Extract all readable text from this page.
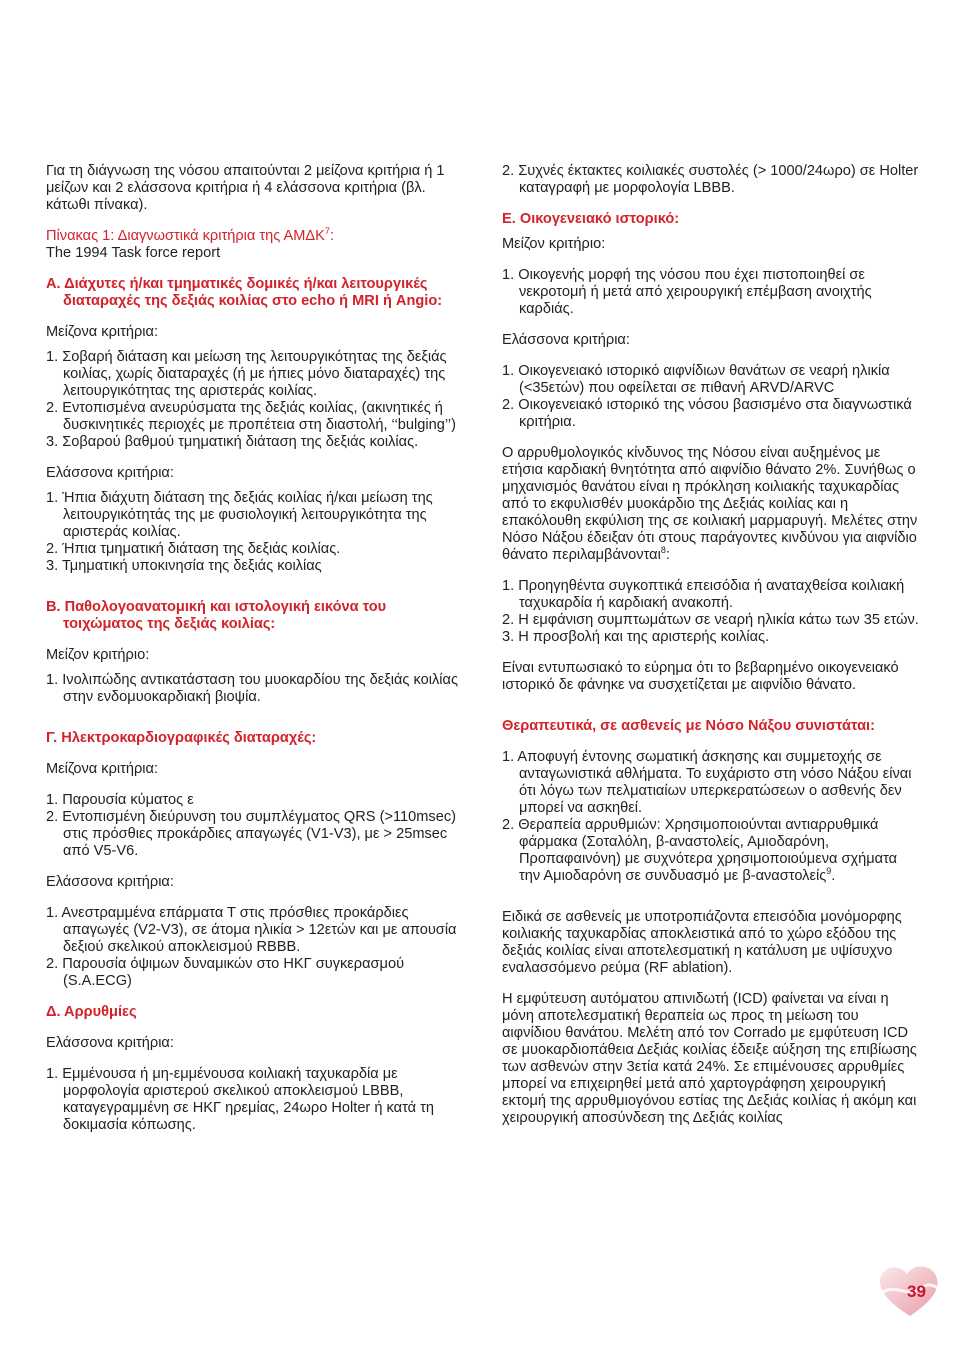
Για τη διάγνωση της νόσου απαιτούνται 2 μείζονα κριτήρια ή 1 μείζων και 2 ελάσσονα κριτήρια ή 4 ελάσσονα κριτήρια (βλ. κάτωθι πίνακα).

Πίνακας 1: Διαγνωστικά κριτήρια της ΑΜΔΚ$^7$:

The 1994 Task force report

Α. Διάχυτες ή/και τμηματικές δομικές ή/και λειτουργικές διαταραχές της δεξιάς κοιλίας στο echo ή MRI ή Angio:

Μείζονα κριτήρια:

1. Σοβαρή διάταση και μείωση της λειτουργικότητας της δεξιάς κοιλίας, χωρίς διαταραχές (ή με ήπιες μόνο διαταραχές) της λειτουργικότητας της αριστεράς κοιλίας.

2. Εντοπισμένα ανευρύσματα της δεξιάς κοιλίας, (ακινητικές ή δυσκινητικές περιοχές με προπέτεια στη διαστολή, ‘‘bulging’’)

3. Σοβαρού βαθμού τμηματική διάταση της δεξιάς κοιλίας.

Ελάσσονα κριτήρια:

1. Ήπια διάχυτη διάταση της δεξιάς κοιλίας ή/και μείωση της λειτουργικότητάς της με φυσιολογική λειτουργικότητα της αριστεράς κοιλίας.

2. Ήπια τμηματική διάταση της δεξιάς κοιλίας.

3. Τμηματική υποκινησία της δεξιάς κοιλίας

Β. Παθολογοανατομική και ιστολογική εικόνα του τοιχώματος της δεξιάς κοιλίας:

Μείζον κριτήριο:

1. Ινολιπώδης αντικατάσταση του μυοκαρδίου της δεξιάς κοιλίας στην ενδομυοκαρδιακή βιοψία.

Γ. Ηλεκτροκαρδιογραφικές διαταραχές:

Μείζονα κριτήρια:

1. Παρουσία κύματος ε

2. Εντοπισμένη διεύρυνση του συμπλέγματος QRS (>110msec) στις πρόσθιες προκάρδιες απαγωγές (V1-V3), με > 25msec από V5-V6.

Ελάσσονα κριτήρια:

1. Ανεστραμμένα επάρματα Τ στις πρόσθιες προκάρδιες απαγωγές (V2-V3), σε άτομα ηλικία > 12ετών και με απουσία δεξιού σκελικού αποκλεισμού RBBB.

2. Παρουσία όψιμων δυναμικών στο ΗΚΓ συγκερασμού (S.A.ECG)

Δ. Αρρυθμίες

Ελάσσονα κριτήρια:

1. Εμμένουσα ή μη-εμμένουσα κοιλιακή ταχυκαρδία με μορφολογία αριστερού σκελικού αποκλεισμού LBBB, καταγεγραμμένη σε ΗΚΓ ηρεμίας, 24ωρο Holter ή κατά τη δοκιμασία κόπωσης.

2. Συχνές έκτακτες κοιλιακές συστολές (> 1000/24ωρο) σε Holter καταγραφή με μορφολογία LBBB.

Ε. Οικογενειακό ιστορικό:

Μείζον κριτήριο:

1. Οικογενής μορφή της νόσου που έχει πιστοποιηθεί σε νεκροτομή ή μετά από χειρουργική επέμβαση ανοιχτής καρδιάς.

Ελάσσονα κριτήρια:

1. Οικογενειακό ιστορικό αιφνίδιων θανάτων σε νεαρή ηλικία (<35ετών) που οφείλεται σε πιθανή ARVD/ARVC

2. Οικογενειακό ιστορικό της νόσου βασισμένο στα διαγνωστικά κριτήρια.

Ο αρρυθμολογικός κίνδυνος της Νόσου είναι αυξημένος με ετήσια καρδιακή θνητότητα από αιφνίδιο θάνατο 2%. Συνήθως ο μηχανισμός θανάτου είναι η πρόκληση κοιλιακής ταχυκαρδίας από το εκφυλισθέν μυοκάρδιο της Δεξιάς κοιλίας και η επακόλουθη εκφύλιση της σε κοιλιακή μαρμαρυγή. Μελέτες στην Νόσο Νάξου έδειξαν ότι στους παράγοντες κινδύνου για αιφνίδιο θάνατο περιλαμβάνονται$^8$:

1. Προηγηθέντα συγκοπτικά επεισόδια ή αναταχθείσα κοιλιακή ταχυκαρδία ή καρδιακή ανακοπή.

2. Η εμφάνιση συμπτωμάτων σε νεαρή ηλικία κάτω των 35 ετών.

3. Η προσβολή και της αριστερής κοιλίας.

Είναι εντυπωσιακό το εύρημα ότι το βεβαρημένο οικογενειακό ιστορικό δε φάνηκε να συσχετίζεται με αιφνίδιο θάνατο.

Θεραπευτικά, σε ασθενείς με Νόσο Νάξου συνιστάται:

1. Αποφυγή έντονης σωματική άσκησης και συμμετοχής σε ανταγωνιστικά αθλήματα. Το ευχάριστο στη νόσο Νάξου είναι ότι λόγω των πελματιαίων υπερκερατώσεων ο ασθενής δεν μπορεί να ασκηθεί.

2. Θεραπεία αρρυθμιών: Χρησιμοποιούνται αντιαρρυθμικά φάρμακα (Σοταλόλη, β-αναστολείς, Αμιοδαρόνη, Προπαφαινόνη) με συχνότερα χρησιμοποιούμενα σχήματα την Αμιοδαρόνη σε συνδυασμό με β-αναστολείς$^9$.

Ειδικά σε ασθενείς με υποτροπιάζοντα επεισόδια μονόμορφης κοιλιακής ταχυκαρδίας αποκλειστικά από το χώρο εξόδου της δεξιάς κοιλίας είναι αποτελεσματική η κατάλυση με υψίσυχνο εναλασσόμενο ρεύμα (RF ablation).

Η εμφύτευση αυτόματου απινιδωτή (ICD) φαίνεται να είναι η μόνη αποτελεσματική θεραπεία ως προς τη μείωση του αιφνίδιου θανάτου. Μελέτη από τον Corrado με εμφύτευση ICD σε μυοκαρδιοπάθεια Δεξιάς κοιλίας έδειξε αύξηση της επιβίωσης των ασθενών στην 3ετία κατά 24%. Σε επιμένουσες αρρυθμίες μπορεί να επιχειρηθεί μετά από χαρτογράφηση χειρουργική εκτομή της αρρυθμιογόνου εστίας της Δεξιάς κοιλίας ή ακόμη και χειρουργική αποσύνδεση της Δεξιάς κοιλίας

39
